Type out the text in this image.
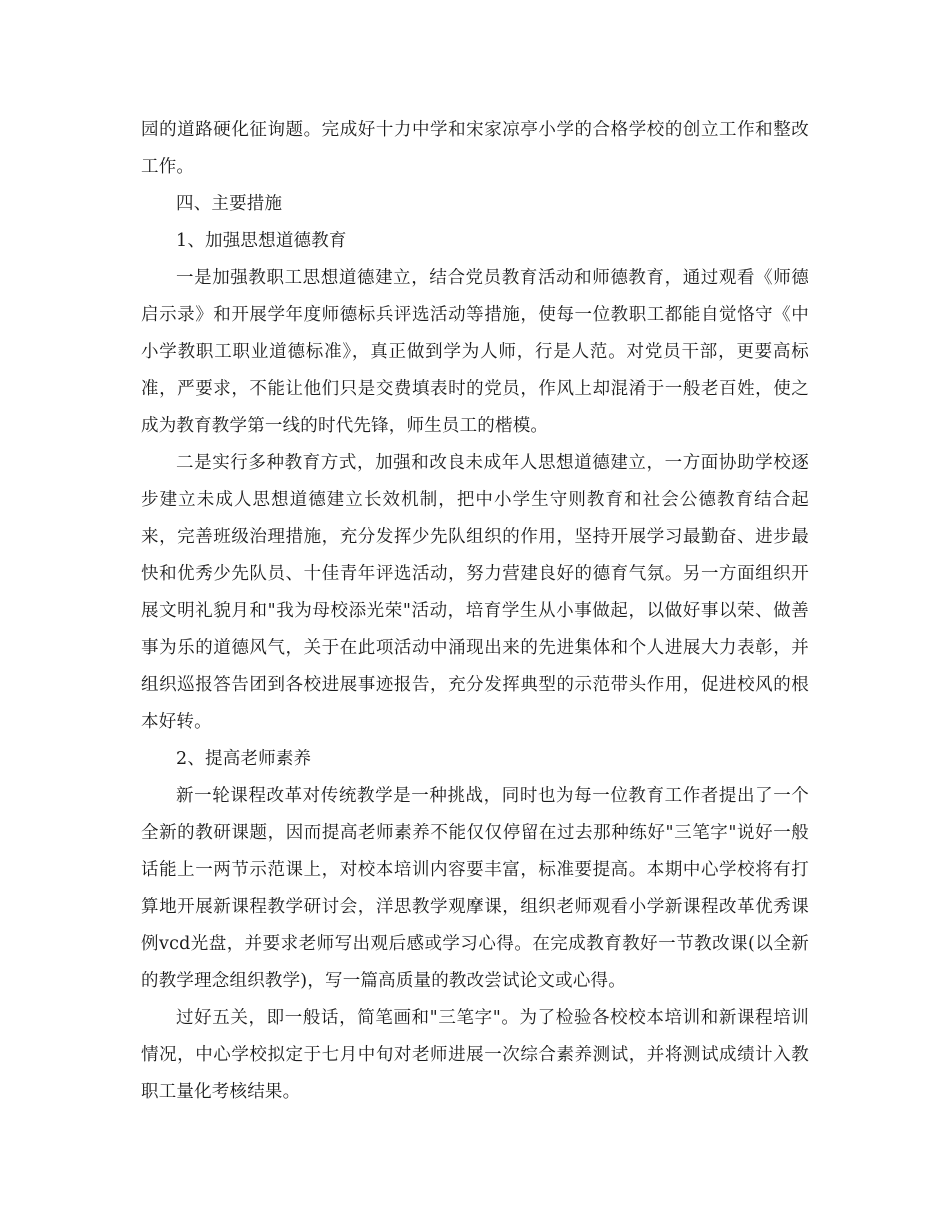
园的道路硬化征询题。完成好十力中学和宋家凉亭小学的合格学校的创立工作和整改工作。

四、主要措施

1、加强思想道德教育

一是加强教职工思想道德建立，结合党员教育活动和师德教育，通过观看《师德启示录》和开展学年度师德标兵评选活动等措施，使每一位教职工都能自觉恪守《中小学教职工职业道德标准》，真正做到学为人师，行是人范。对党员干部，更要高标准，严要求，不能让他们只是交费填表时的党员，作风上却混淆于一般老百姓，使之成为教育教学第一线的时代先锋，师生员工的楷模。

二是实行多种教育方式，加强和改良未成年人思想道德建立，一方面协助学校逐步建立未成人思想道德建立长效机制，把中小学生守则教育和社会公德教育结合起来，完善班级治理措施，充分发挥少先队组织的作用，坚持开展学习最勤奋、进步最快和优秀少先队员、十佳青年评选活动，努力营建良好的德育气氛。另一方面组织开展文明礼貌月和"我为母校添光荣"活动，培育学生从小事做起，以做好事以荣、做善事为乐的道德风气，关于在此项活动中涌现出来的先进集体和个人进展大力表彰，并组织巡报答告团到各校进展事迹报告，充分发挥典型的示范带头作用，促进校风的根本好转。

2、提高老师素养

新一轮课程改革对传统教学是一种挑战，同时也为每一位教育工作者提出了一个全新的教研课题，因而提高老师素养不能仅仅停留在过去那种练好"三笔字"说好一般话能上一两节示范课上，对校本培训内容要丰富，标准要提高。本期中心学校将有打算地开展新课程教学研讨会，洋思教学观摩课，组织老师观看小学新课程改革优秀课例vcd光盘，并要求老师写出观后感或学习心得。在完成教育教好一节教改课(以全新的教学理念组织教学)，写一篇高质量的教改尝试论文或心得。

过好五关，即一般话，简笔画和"三笔字"。为了检验各校校本培训和新课程培训情况，中心学校拟定于七月中旬对老师进展一次综合素养测试，并将测试成绩计入教职工量化考核结果。
